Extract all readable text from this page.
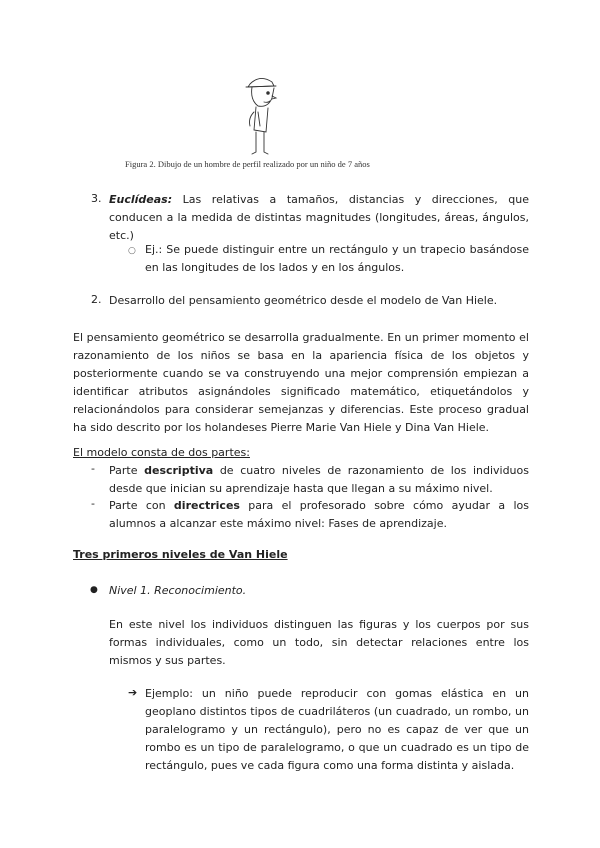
Figura 2. Dibujo de un hombre de perfil realizado por un niño de 7 años
3. Euclídeas: Las relativas a tamaños, distancias y direcciones, que conducen a la medida de distintas magnitudes (longitudes, áreas, ángulos, etc.)
○ Ej.: Se puede distinguir entre un rectángulo y un trapecio basándose en las longitudes de los lados y en los ángulos.
2. Desarrollo del pensamiento geométrico desde el modelo de Van Hiele.
El pensamiento geométrico se desarrolla gradualmente. En un primer momento el razonamiento de los niños se basa en la apariencia física de los objetos y posteriormente cuando se va construyendo una mejor comprensión empiezan a identificar atributos asignándoles significado matemático, etiquetándolos y relacionándolos para considerar semejanzas y diferencias. Este proceso gradual ha sido descrito por los holandeses Pierre Marie Van Hiele y Dina Van Hiele.
El modelo consta de dos partes:
- Parte descriptiva de cuatro niveles de razonamiento de los individuos desde que inician su aprendizaje hasta que llegan a su máximo nivel.
- Parte con directrices para el profesorado sobre cómo ayudar a los alumnos a alcanzar este máximo nivel: Fases de aprendizaje.
Tres primeros niveles de Van Hiele
● Nivel 1. Reconocimiento.
En este nivel los individuos distinguen las figuras y los cuerpos por sus formas individuales, como un todo, sin detectar relaciones entre los mismos y sus partes.
➔ Ejemplo: un niño puede reproducir con gomas elástica en un geoplano distintos tipos de cuadriláteros (un cuadrado, un rombo, un paralelogramo y un rectángulo), pero no es capaz de ver que un rombo es un tipo de paralelogramo, o que un cuadrado es un tipo de rectángulo, pues ve cada figura como una forma distinta y aislada.
